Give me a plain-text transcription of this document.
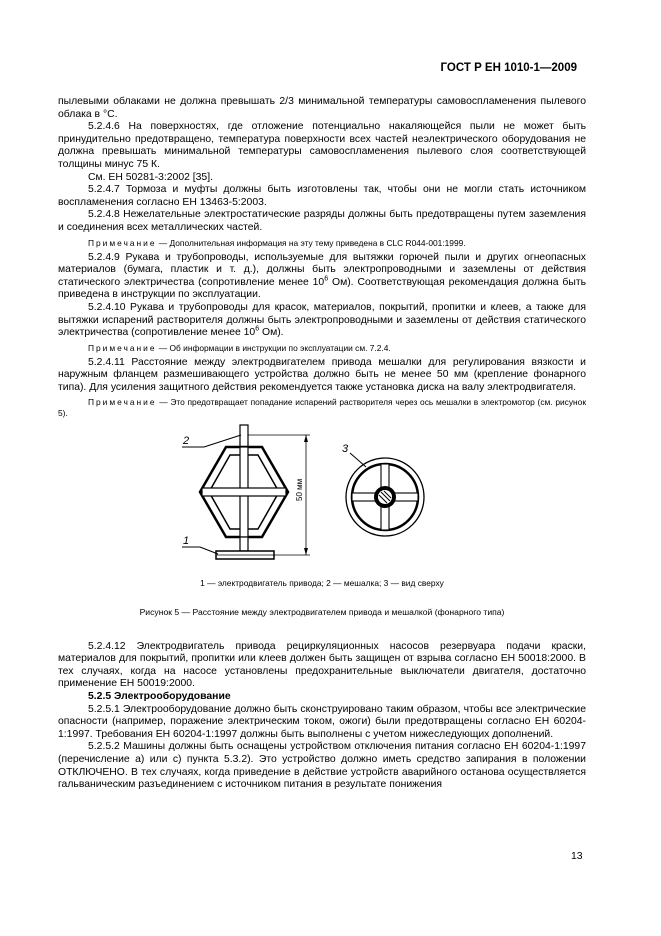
ГОСТ Р ЕН 1010-1—2009

пылевыми облаками не должна превышать 2/3 минимальной температуры самовоспламенения пылевого облака в °С.

5.2.4.6 На поверхностях, где отложение потенциально накаляющейся пыли не может быть принудительно предотвращено, температура поверхности всех частей неэлектрического оборудования не должна превышать минимальной температуры самовоспламенения пылевого слоя соответствующей толщины минус 75 К.

См. ЕН 50281-3:2002 [35].

5.2.4.7 Тормоза и муфты должны быть изготовлены так, чтобы они не могли стать источником воспламенения согласно ЕН 13463-5:2003.

5.2.4.8 Нежелательные электростатические разряды должны быть предотвращены путем заземления и соединения всех металлических частей.

Примечание — Дополнительная информация на эту тему приведена в CLC R044-001:1999.

5.2.4.9 Рукава и трубопроводы, используемые для вытяжки горючей пыли и других огнеопасных материалов (бумага, пластик и т. д.), должны быть электропроводными и заземлены от действия статического электричества (сопротивление менее $10^6$ Ом). Соответствующая рекомендация должна быть приведена в инструкции по эксплуатации.

5.2.4.10 Рукава и трубопроводы для красок, материалов, покрытий, пропитки и клеев, а также для вытяжки испарений растворителя должны быть электропроводными и заземлены от действия статического электричества (сопротивление менее $10^6$ Ом).

Примечание — Об информации в инструкции по эксплуатации см. 7.2.4.

5.2.4.11 Расстояние между электродвигателем привода мешалки для регулирования вязкости и наружным фланцем размешивающего устройства должно быть не менее 50 мм (крепление фонарного типа). Для усиления защитного действия рекомендуется также установка диска на валу электродвигателя.

Примечание — Это предотвращает попадание испарений растворителя через ось мешалки в электромотор (см. рисунок 5).

2
1
50 мм
3

1 — электродвигатель привода; 2 — мешалка; 3 — вид сверху

Рисунок 5 — Расстояние между электродвигателем привода и мешалкой (фонарного типа)

5.2.4.12 Электродвигатель привода рециркуляционных насосов резервуара подачи краски, материалов для покрытий, пропитки или клеев должен быть защищен от взрыва согласно ЕН 50018:2000. В тех случаях, когда на насосе установлены предохранительные выключатели двигателя, достаточно применение ЕН 50019:2000.

5.2.5 Электрооборудование

5.2.5.1 Электрооборудование должно быть сконструировано таким образом, чтобы все электрические опасности (например, поражение электрическим током, ожоги) были предотвращены согласно ЕН 60204-1:1997. Требования ЕН 60204-1:1997 должны быть выполнены с учетом нижеследующих дополнений.

5.2.5.2 Машины должны быть оснащены устройством отключения питания согласно ЕН 60204-1:1997 (перечисление а) или с) пункта 5.3.2). Это устройство должно иметь средство запирания в положении ОТКЛЮЧЕНО. В тех случаях, когда приведение в действие устройств аварийного останова осуществляется гальваническим разъединением с источником питания в результате понижения

13
